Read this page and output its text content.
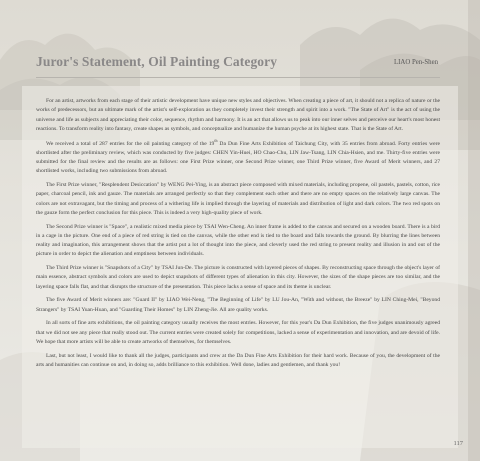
Juror's Statement, Oil Painting Category	LIAO Pen-Shen

For an artist, artworks from each stage of their artistic development have unique new styles and objectives. When creating a piece of art, it should not a replica of nature or the works of predecessors, but an ultimate mark of the artist's self-exploration as they completely invest their strength and spirit into a work. "The State of Art" is the act of using the universe and life as subjects and appreciating their color, sequence, rhythm and harmony. It is an act that allows us to peak into our inner selves and perceive our heart's most honest reactions. To transform reality into fantasy, create shapes as symbols, and conceptualize and humanize the human psyche at its highest state. That is the State of Art.

We received a total of 287 entries for the oil painting category of the 19th Da Dun Fine Arts Exhibition of Taichung City, with 35 entries from abroad. Forty entries were shortlisted after the preliminary review, which was conducted by five judges: CHEN Yin-Huei, HO Chao-Chu, LIN Jaw-Tsang, LIN Chia-Hsien, and me. Thirty-five entries were submitted for the final review and the results are as follows: one First Prize winner, one Second Prize winner, one Third Prize winner, five Award of Merit winners, and 27 shortlisted works, including two submissions from abroad.

The First Prize winner, "Resplendent Desiccation" by WENG Pei-Ying, is an abstract piece composed with mixed materials, including propene, oil pastels, pastels, cotton, rice paper, charcoal pencil, ink and gauze. The materials are arranged perfectly so that they complement each other and there are no empty spaces on the relatively large canvas. The colors are not extravagant, but the timing and process of a withering life is implied through the layering of materials and distribution of light and dark colors. The two red spots on the gauze form the perfect conclusion for this piece. This is indeed a very high-quality piece of work.

The Second Prize winner is "Space", a realistic mixed media piece by TSAI Wen-Cheng. An inner frame is added to the canvas and secured on a wooden board. There is a bird in a cage in the picture. One end of a piece of red string is tied on the canvas, while the other end is tied to the board and falls towards the ground. By blurring the lines between reality and imagination, this arrangement shows that the artist put a lot of thought into the piece, and cleverly used the red string to present reality and illusion in and out of the picture in order to depict the alienation and emptiness between individuals.

The Third Prize winner is "Snapshots of a City" by TSAI Jun-De. The picture is constructed with layered pieces of shapes. By reconstructing space through the object's layer of main essence, abstract symbols and colors are used to depict snapshots of different types of alienation in this city. However, the sizes of the shape pieces are too similar, and the layering space falls flat, and that disrupts the structure of the presentation. This piece lacks a sense of space and its theme is unclear.

The five Award of Merit winners are: "Guard II" by LIAO Wei-Neng, "The Beginning of Life" by LU Jou-An, "With and without, the Breeze" by LIN Ching-Mei, "Beyond Strangers" by TSAI Yuan-Huan, and "Guarding Their Homes" by LIN Zheng-Jie. All are quality works.

In all sorts of fine arts exhibitions, the oil painting category usually receives the most entries. However, for this year's Da Dun Exhibition, the five judges unanimously agreed that we did not see any piece that really stood out. The current entries were created solely for competitions, lacked a sense of experimentation and innovation, and are devoid of life. We hope that more artists will be able to create artworks of themselves, for themselves.

Last, but not least, I would like to thank all the judges, participants and crew at the Da Dun Fine Arts Exhibition for their hard work. Because of you, the development of the arts and humanities can continue on and, in doing so, adds brilliance to this exhibition. Well done, ladies and gentlemen, and thank you!

117
